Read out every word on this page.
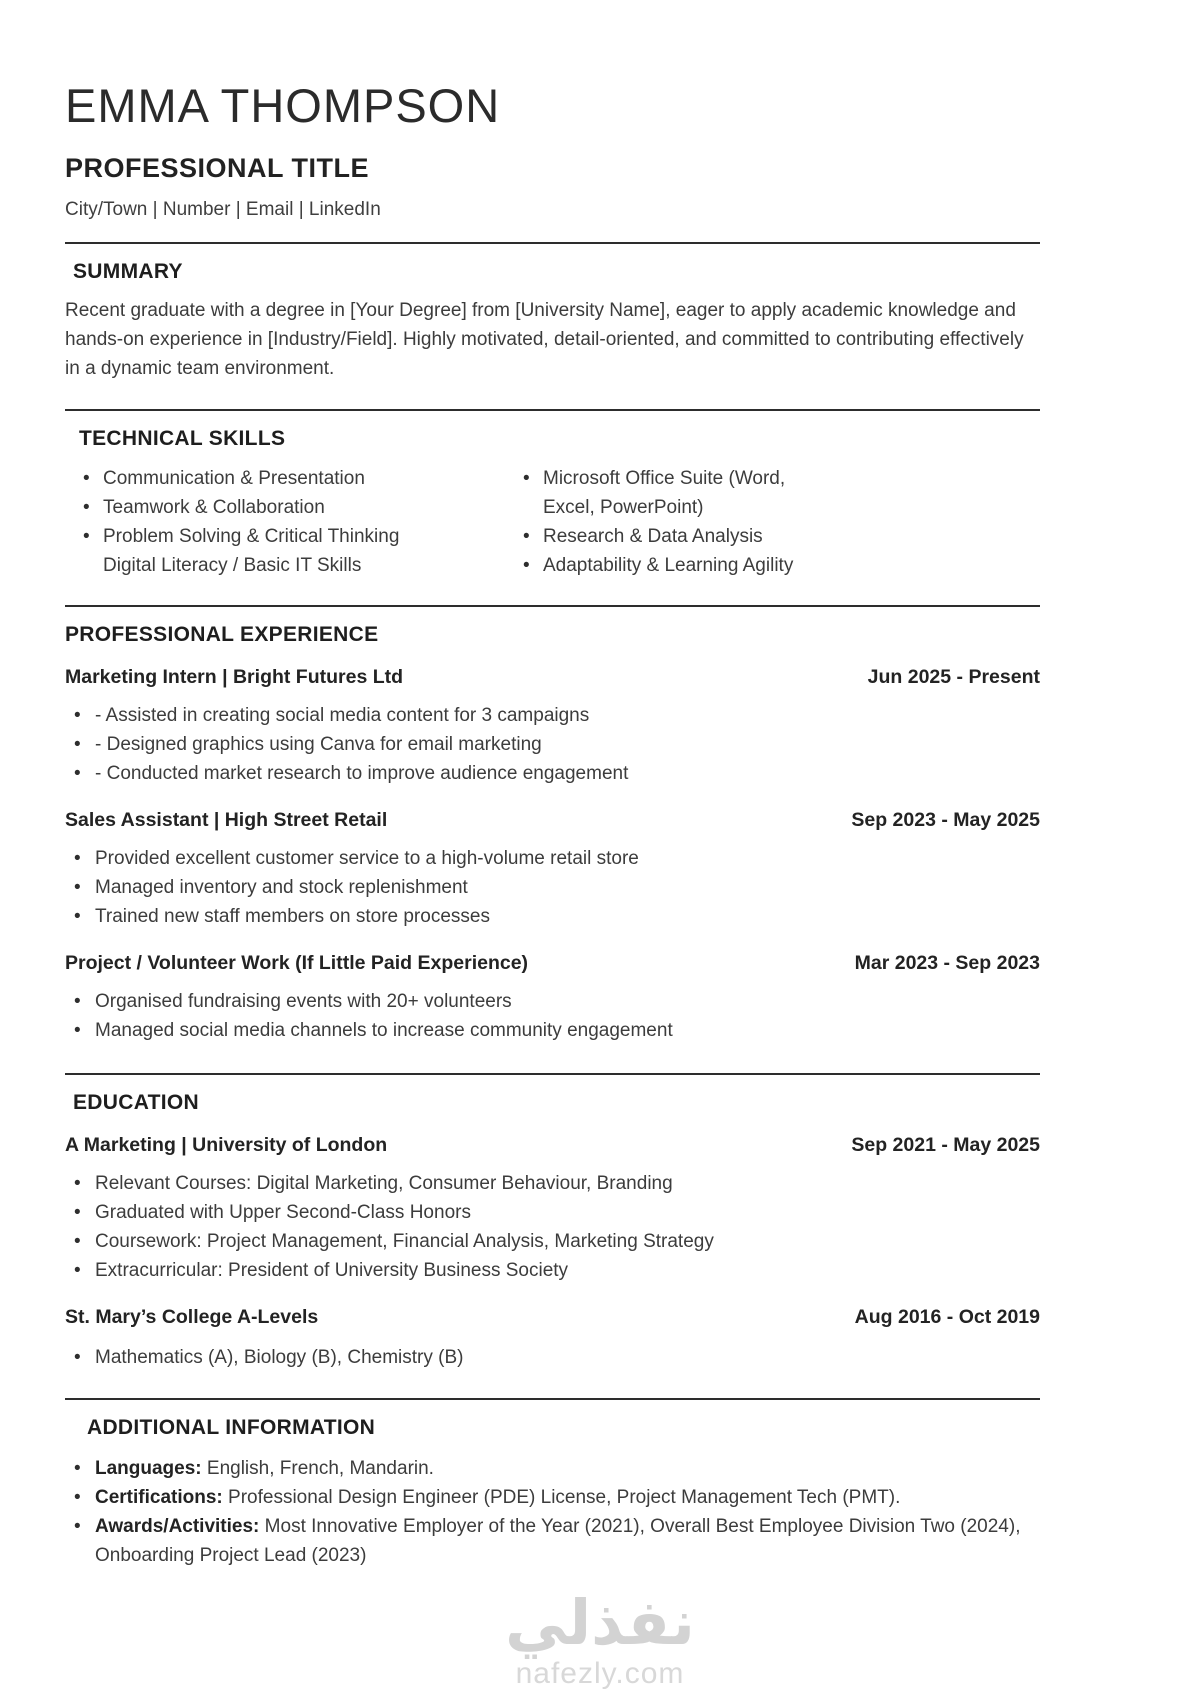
EMMA THOMPSON
PROFESSIONAL TITLE
City/Town | Number | Email | LinkedIn
SUMMARY

Recent graduate with a degree in [Your Degree] from [University Name], eager to apply academic knowledge and hands-on experience in [Industry/Field]. Highly motivated, detail-oriented, and committed to contributing effectively in a dynamic team environment.

TECHNICAL SKILLS
• Communication & Presentation
• Teamwork & Collaboration
• Problem Solving & Critical Thinking
Digital Literacy / Basic IT Skills
• Microsoft Office Suite (Word, Excel, PowerPoint)
• Research & Data Analysis
• Adaptability & Learning Agility
PROFESSIONAL EXPERIENCE
Marketing Intern | Bright Futures Ltd	Jun 2025 - Present
• - Assisted in creating social media content for 3 campaigns
• - Designed graphics using Canva for email marketing
• - Conducted market research to improve audience engagement
Sales Assistant | High Street Retail	Sep 2023 - May 2025
• Provided excellent customer service to a high-volume retail store
• Managed inventory and stock replenishment
• Trained new staff members on store processes
Project / Volunteer Work (If Little Paid Experience)	Mar 2023 - Sep 2023
• Organised fundraising events with 20+ volunteers
• Managed social media channels to increase community engagement
EDUCATION
A Marketing | University of London	Sep 2021 - May 2025
• Relevant Courses: Digital Marketing, Consumer Behaviour, Branding
• Graduated with Upper Second-Class Honors
• Coursework: Project Management, Financial Analysis, Marketing Strategy
• Extracurricular: President of University Business Society
St. Mary’s College A-Levels	Aug 2016 - Oct 2019
• Mathematics (A), Biology (B), Chemistry (B)
ADDITIONAL INFORMATION
• Languages: English, French, Mandarin.
• Certifications: Professional Design Engineer (PDE) License, Project Management Tech (PMT).
• Awards/Activities: Most Innovative Employer of the Year (2021), Overall Best Employee Division Two (2024), Onboarding Project Lead (2023)
نفذلي
nafezly.com
